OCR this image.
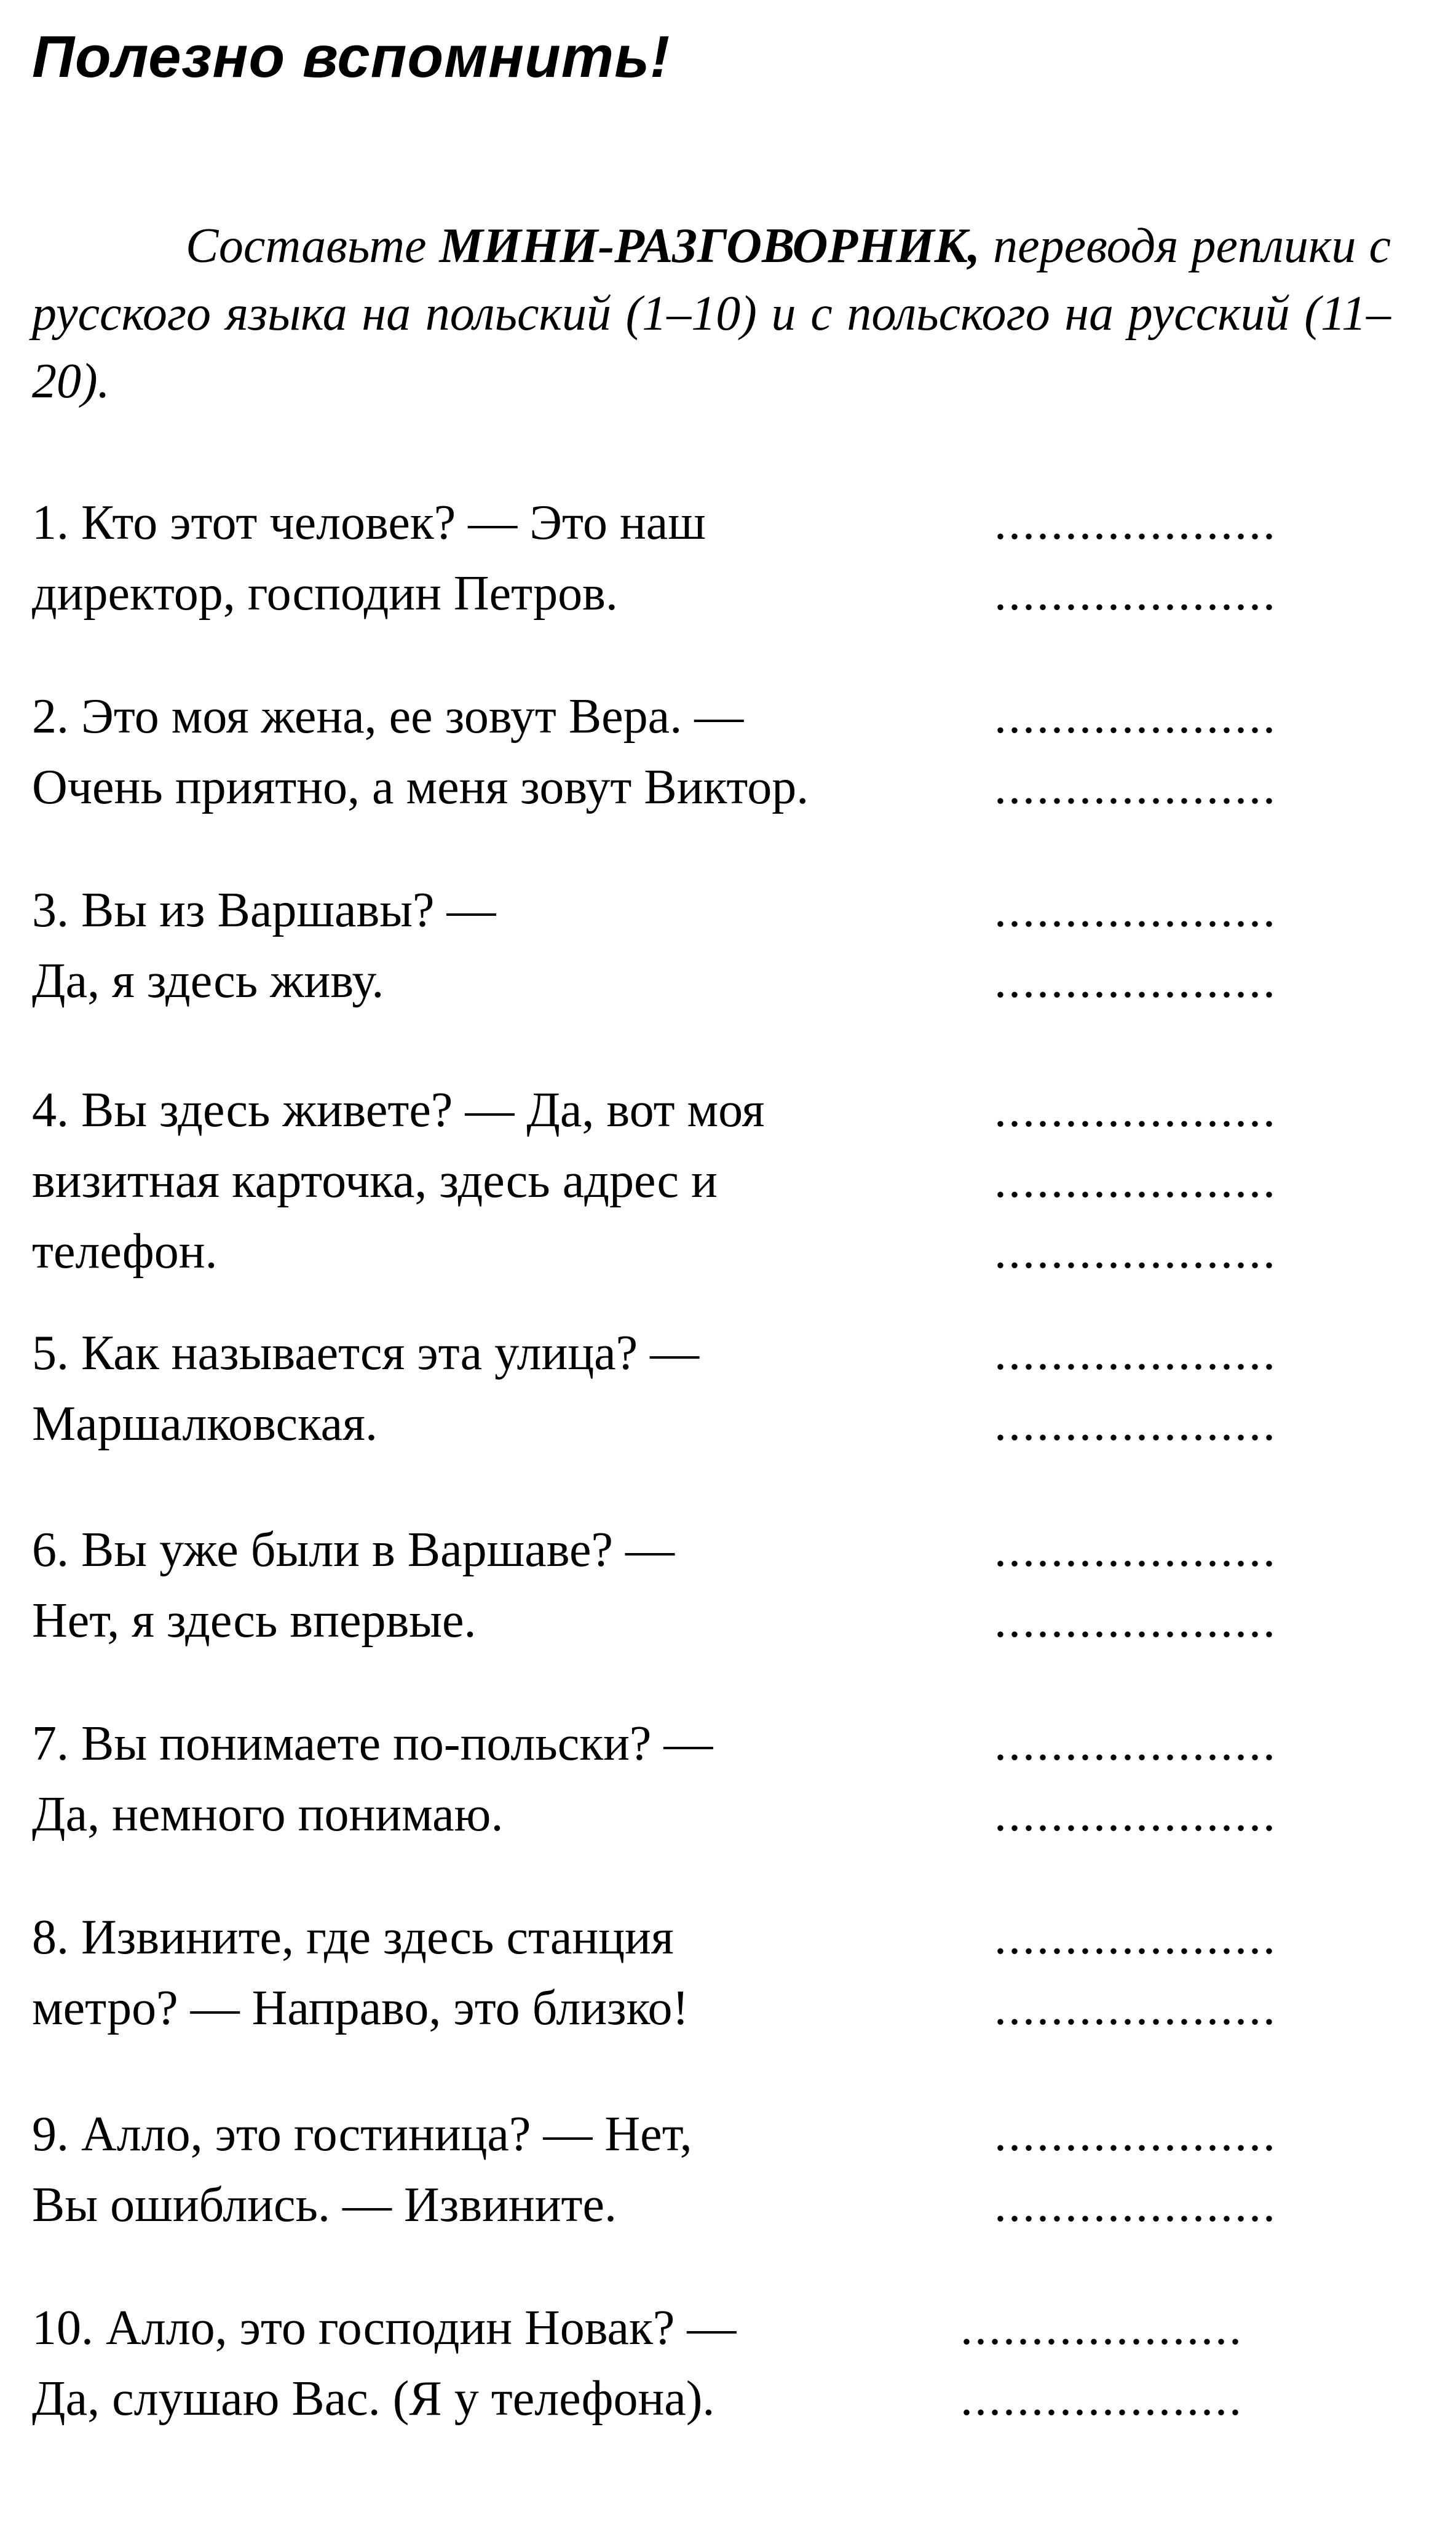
Полезно вспомнить!
Составьте МИНИ-РАЗГОВОРНИК, переводя реплики с русского языка на польский (1–10) и с польского на русский (11–20).
1. Кто этот человек? — Это наш	....................
директор, господин Петров.	....................
2. Это моя жена, ее зовут Вера. —	....................
Очень приятно, а меня зовут Виктор.	....................
3. Вы из Варшавы? —	....................
Да, я здесь живу.	....................
4. Вы здесь живете? — Да, вот моя	....................
визитная карточка, здесь адрес и	....................
телефон.	....................
5. Как называется эта улица? —	....................
Маршалковская.	....................
6. Вы уже были в Варшаве? —	....................
Нет, я здесь впервые.	....................
7. Вы понимаете по-польски? —	....................
Да, немного понимаю.	....................
8. Извините, где здесь станция	....................
метро? — Направо, это близко!	....................
9. Алло, это гостиница? — Нет,	....................
Вы ошиблись. — Извините.	....................
10. Алло, это господин Новак? —	....................
Да, слушаю Вас. (Я у телефона).	....................
